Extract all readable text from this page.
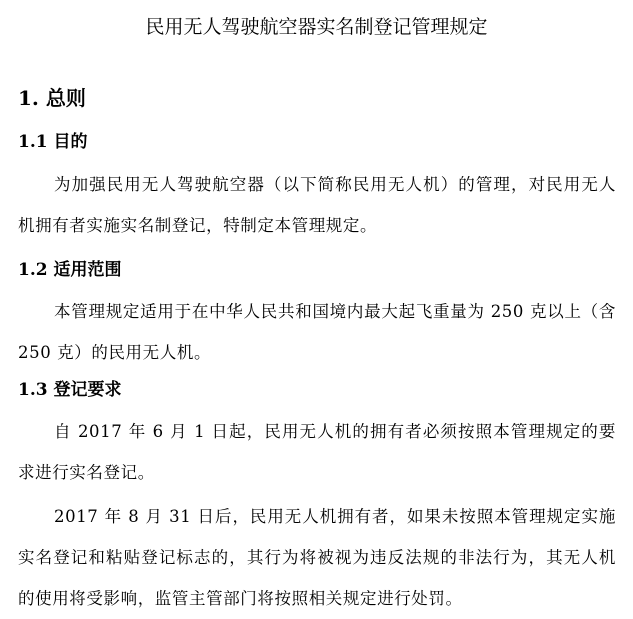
民用无人驾驶航空器实名制登记管理规定
1. 总则
1.1 目的
为加强民用无人驾驶航空器（以下简称民用无人机）的管理，对民用无人机拥有者实施实名制登记，特制定本管理规定。
1.2 适用范围
本管理规定适用于在中华人民共和国境内最大起飞重量为 250 克以上（含 250 克）的民用无人机。
1.3 登记要求
自 2017 年 6 月 1 日起，民用无人机的拥有者必须按照本管理规定的要求进行实名登记。
2017 年 8 月 31 日后，民用无人机拥有者，如果未按照本管理规定实施实名登记和粘贴登记标志的，其行为将被视为违反法规的非法行为，其无人机的使用将受影响，监管主管部门将按照相关规定进行处罚。
